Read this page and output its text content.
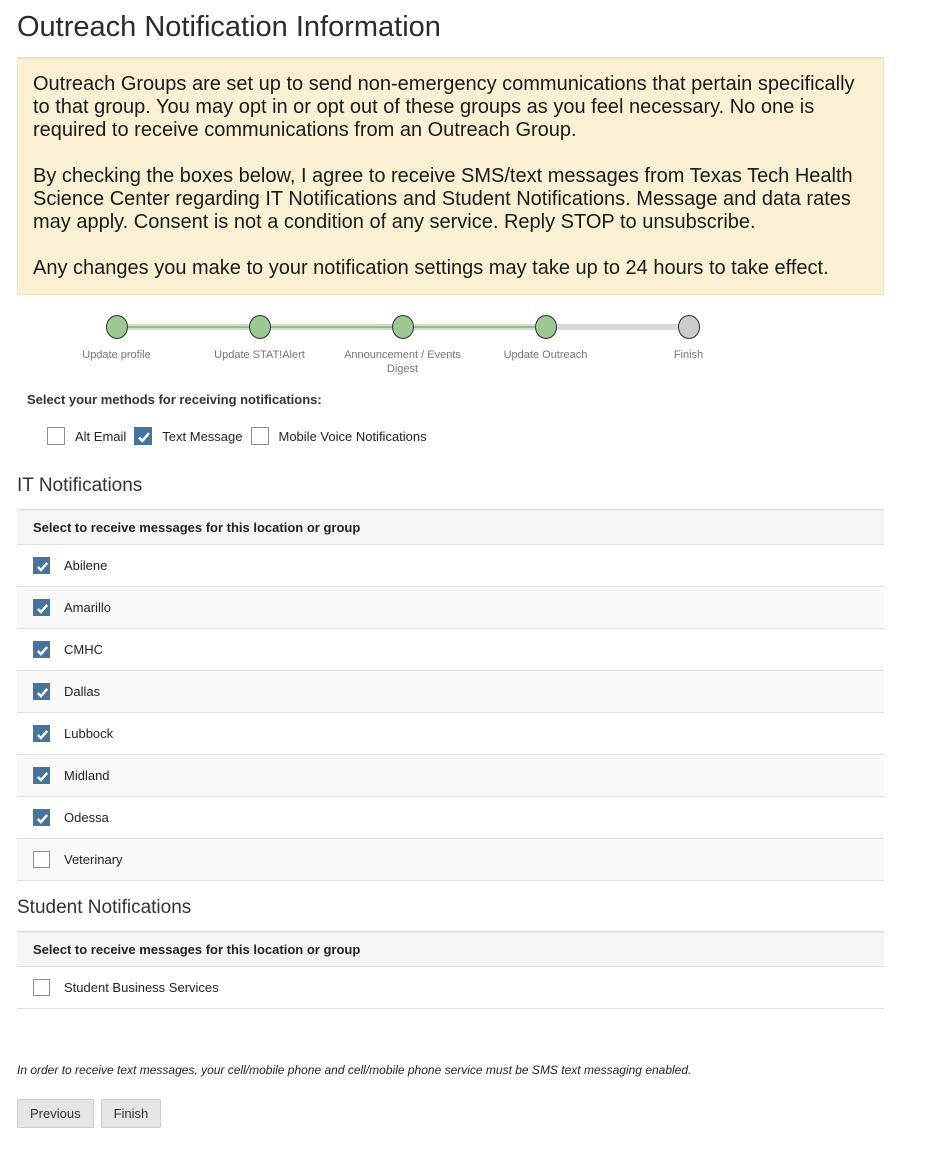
Outreach Notification Information

Outreach Groups are set up to send non-emergency communications that pertain specifically to that group. You may opt in or opt out of these groups as you feel necessary. No one is required to receive communications from an Outreach Group.

By checking the boxes below, I agree to receive SMS/text messages from Texas Tech Health Science Center regarding IT Notifications and Student Notifications. Message and data rates may apply. Consent is not a condition of any service. Reply STOP to unsubscribe.

Any changes you make to your notification settings may take up to 24 hours to take effect.

Update profile	Update STAT!Alert	Announcement / Events Digest
Update Outreach	Finish
Select your methods for receiving notifications:
Alt Email	Text Message	Mobile Voice Notifications
IT Notifications
Select to receive messages for this location or group
Abilene
Amarillo
CMHC
Dallas
Lubbock
Midland
Odessa
Veterinary
Student Notifications
Select to receive messages for this location or group
Student Business Services
In order to receive text messages, your cell/mobile phone and cell/mobile phone service must be SMS text messaging enabled.
Previous	Finish
